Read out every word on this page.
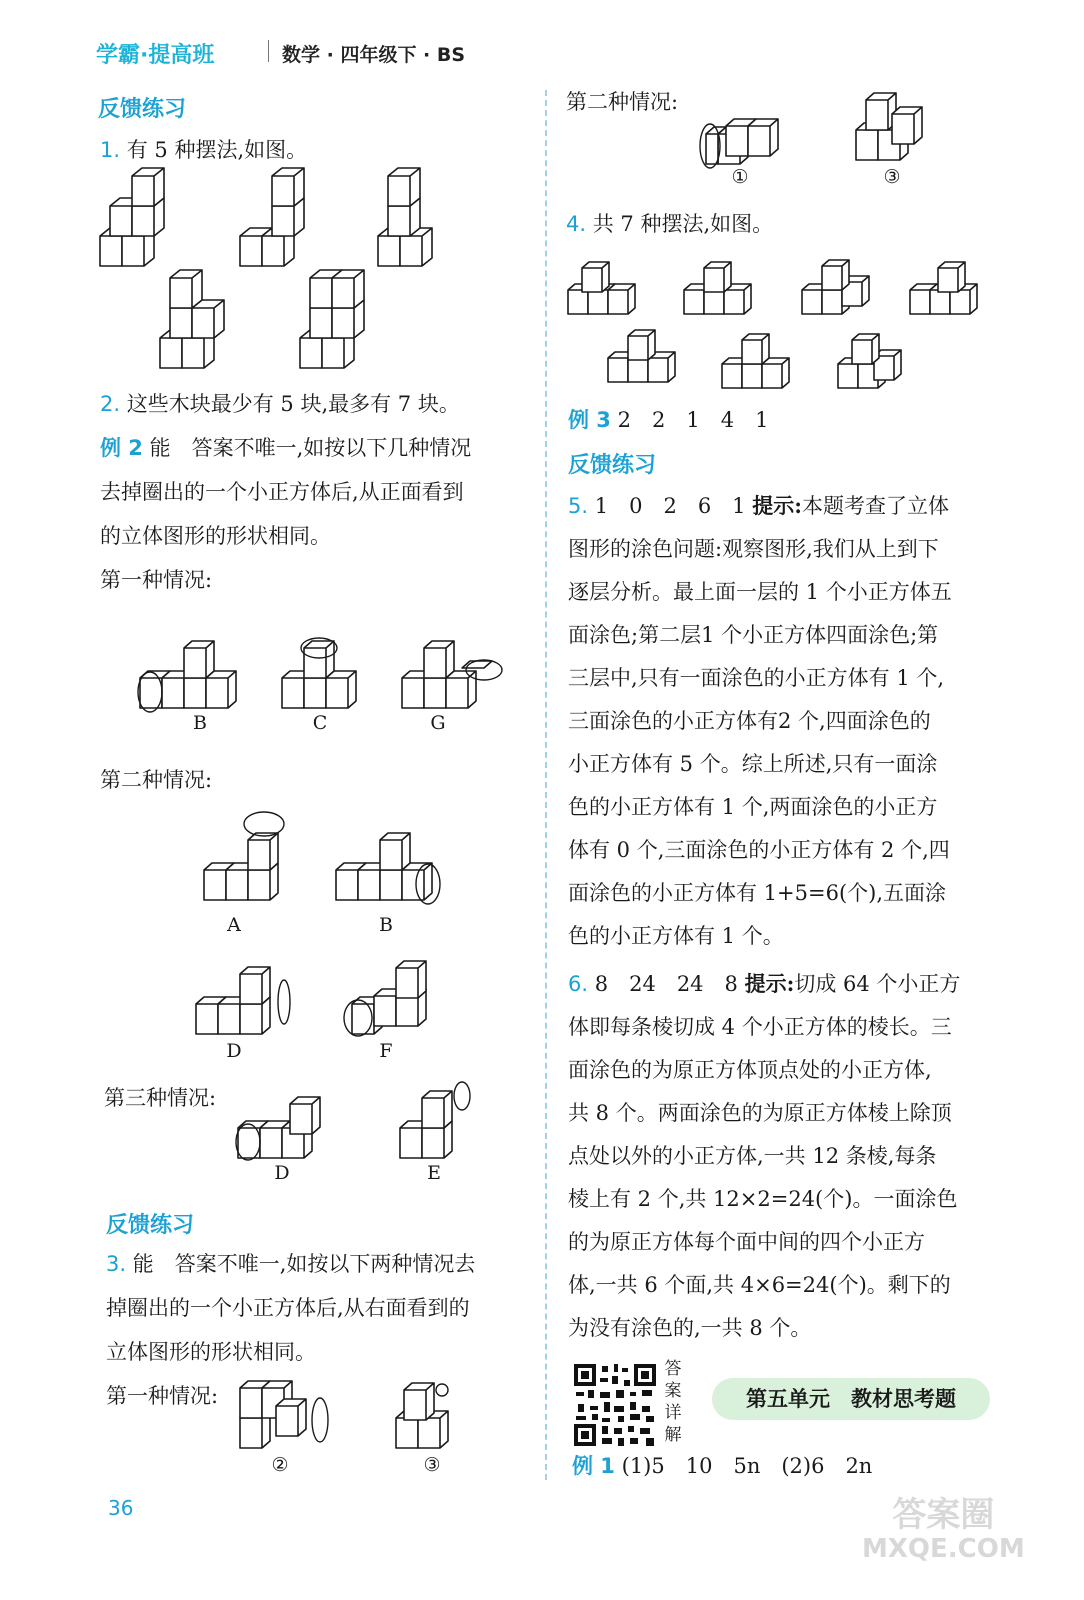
学霸·提高班	数学 · 四年级下 · BS
反馈练习
1. 有 5 种摆法,如图。
2. 这些木块最少有 5 块,最多有 7 块。
例 2 能　答案不唯一,如按以下几种情况
去掉圈出的一个小正方体后,从正面看到
的立体图形的形状相同。
第一种情况:
B	C	G
第二种情况:
A	B
D	F
第三种情况:
D	E
反馈练习
3. 能　答案不唯一,如按以下两种情况去
掉圈出的一个小正方体后,从右面看到的
立体图形的形状相同。
第一种情况:
②	③
第二种情况:
①	③
4. 共 7 种摆法,如图。
例 3 2　2　1　4　1
反馈练习
5. 1　0　2　6　1 提示:本题考查了立体
图形的涂色问题:观察图形,我们从上到下
逐层分析。最上面一层的 1 个小正方体五
面涂色;第二层1 个小正方体四面涂色;第
三层中,只有一面涂色的小正方体有 1 个,
三面涂色的小正方体有2 个,四面涂色的
小正方体有 5 个。综上所述,只有一面涂
色的小正方体有 1 个,两面涂色的小正方
体有 0 个,三面涂色的小正方体有 2 个,四
面涂色的小正方体有 1+5=6(个),五面涂
色的小正方体有 1 个。
6. 8　24　24　8 提示:切成 64 个小正方
体即每条棱切成 4 个小正方体的棱长。三
面涂色的为原正方体顶点处的小正方体,
共 8 个。两面涂色的为原正方体棱上除顶
点处以外的小正方体,一共 12 条棱,每条
棱上有 2 个,共 12×2=24(个)。一面涂色
的为原正方体每个面中间的四个小正方
体,一共 6 个面,共 4×6=24(个)。剩下的
为没有涂色的,一共 8 个。
答
案
详
解
第五单元　教材思考题
例 1 (1)5　10　5n　(2)6　2n
36	答案圈
MXQE.COM
